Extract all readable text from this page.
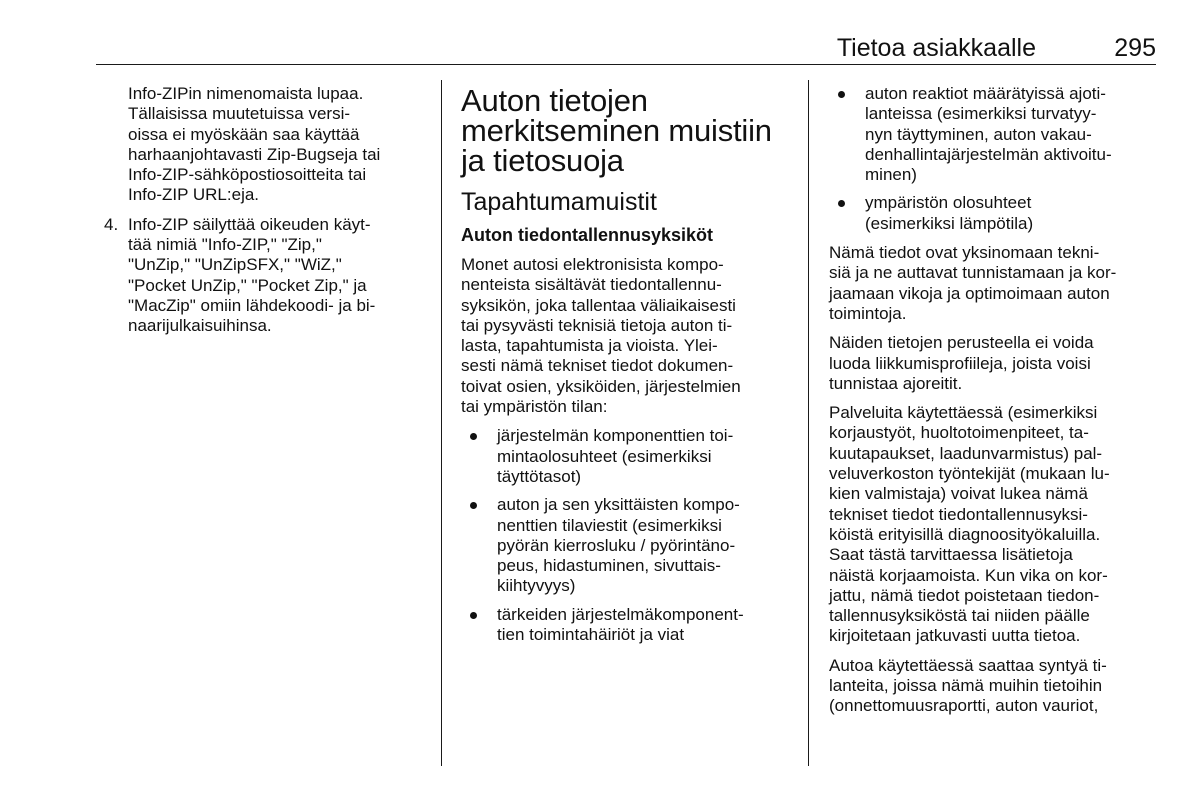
Tietoa asiakkaalle	295
Info-ZIPin nimenomaista lupaa.
Tällaisissa muutetuissa versi-
oissa ei myöskään saa käyttää
harhaanjohtavasti Zip-Bugseja tai
Info-ZIP-sähköpostiosoitteita tai
Info-ZIP URL:eja.
4. Info-ZIP säilyttää oikeuden käyt-
tää nimiä "Info-ZIP," "Zip,"
"UnZip," "UnZipSFX," "WiZ,"
"Pocket UnZip," "Pocket Zip," ja
"MacZip" omiin lähdekoodi- ja bi-
naarijulkaisuihinsa.
Auton tietojen
merkitseminen muistiin
ja tietosuoja
Tapahtumamuistit
Auton tiedontallennusyksiköt

Monet autosi elektronisista kompo-
nenteista sisältävät tiedontallennu-
syksikön, joka tallentaa väliaikaisesti
tai pysyvästi teknisiä tietoja auton ti-
lasta, tapahtumista ja vioista. Ylei-
sesti nämä tekniset tiedot dokumen-
toivat osien, yksiköiden, järjestelmien
tai ympäristön tilan:

järjestelmän komponenttien toi-
mintaolosuhteet (esimerkiksi
täyttötasot)
auton ja sen yksittäisten kompo-
nenttien tilaviestit (esimerkiksi
pyörän kierrosluku / pyörintäno-
peus, hidastuminen, sivuttais-
kiihtyvyys)
tärkeiden järjestelmäkomponent-
tien toimintahäiriöt ja viat
auton reaktiot määrätyissä ajoti-
lanteissa (esimerkiksi turvatyy-
nyn täyttyminen, auton vakau-
denhallintajärjestelmän aktivoitu-
minen)
ympäristön olosuhteet
(esimerkiksi lämpötila)

Nämä tiedot ovat yksinomaan tekni-
siä ja ne auttavat tunnistamaan ja kor-
jaamaan vikoja ja optimoimaan auton
toimintoja.

Näiden tietojen perusteella ei voida
luoda liikkumisprofiileja, joista voisi
tunnistaa ajoreitit.

Palveluita käytettäessä (esimerkiksi
korjaustyöt, huoltotoimenpiteet, ta-
kuutapaukset, laadunvarmistus) pal-
veluverkoston työntekijät (mukaan lu-
kien valmistaja) voivat lukea nämä
tekniset tiedot tiedontallennusyksi-
köistä erityisillä diagnoosityökaluilla.
Saat tästä tarvittaessa lisätietoja
näistä korjaamoista. Kun vika on kor-
jattu, nämä tiedot poistetaan tiedon-
tallennusyksiköstä tai niiden päälle
kirjoitetaan jatkuvasti uutta tietoa.

Autoa käytettäessä saattaa syntyä ti-
lanteita, joissa nämä muihin tietoihin
(onnettomuusraportti, auton vauriot,
